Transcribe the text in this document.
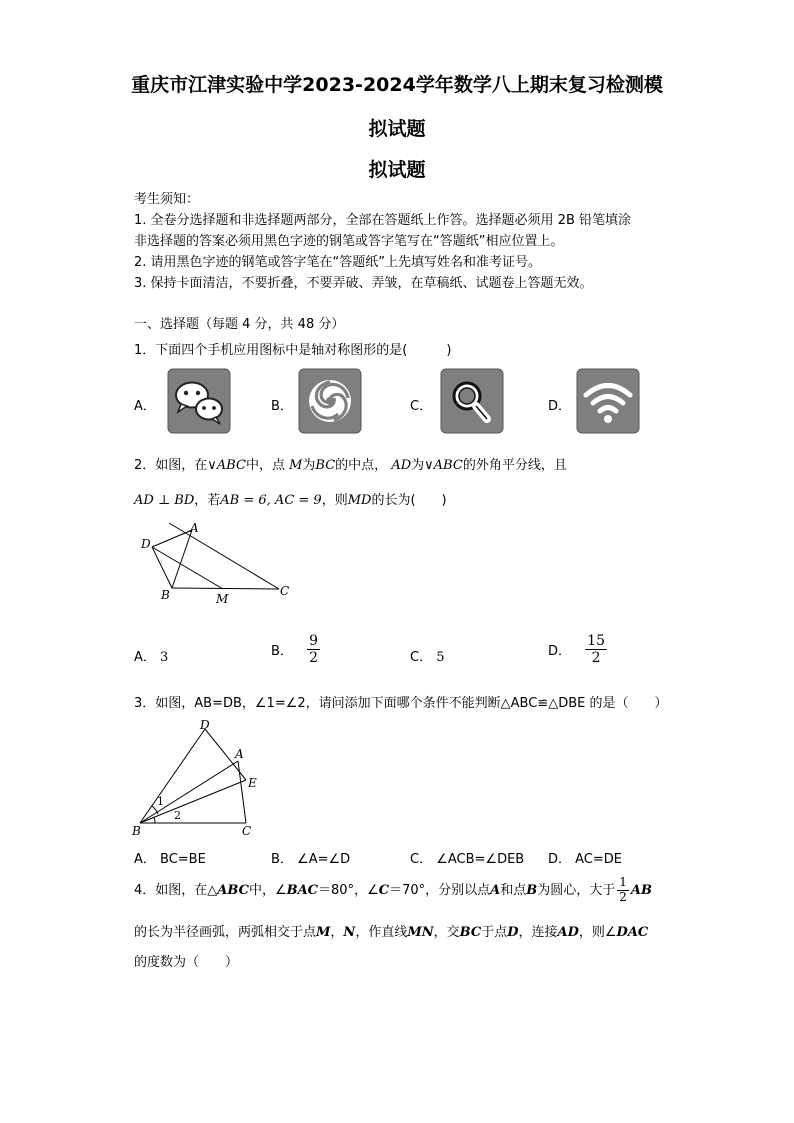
重庆市江津实验中学2023-2024学年数学八上期末复习检测模
拟试题
拟试题
考生须知：
1. 全卷分选择题和非选择题两部分，全部在答题纸上作答。选择题必须用 2B 铅笔填涂
非选择题的答案必须用黑色字迹的钢笔或答字笔写在“答题纸”相应位置上。
2. 请用黑色字迹的钢笔或答字笔在“答题纸”上先填写姓名和准考证号。
3. 保持卡面清洁，不要折叠，不要弄破、弄皱，在草稿纸、试题卷上答题无效。
一、选择题（每题 4 分，共 48 分）
1．下面四个手机应用图标中是轴对称图形的是(　　　)
A．	B．	C．	D．
2．如图，在∨ABC中，点 M为BC的中点， AD为∨ABC的外角平分线，且
AD ⊥ BD，若AB = 6, AC = 9，则MD的长为(　　)
A
D
B	M
C
A． 3	B． $\frac{9}{2}$	C． 5	D． $\frac{15}{2}$
3．如图，AB=DB，∠1=∠2，请问添加下面哪个条件不能判断△ABC≌△DBE 的是（　　）
D
A
E
B	C
1
2
A． BC=BE	B． ∠A=∠D	C． ∠ACB=∠DEB D． AC=DE
4．如图，在△ABC中，∠BAC＝80°，∠C＝70°，分别以点A和点B为圆心，大于 $\frac{1}{2}$ AB
的长为半径画弧，两弧相交于点M，N，作直线MN，交BC于点D，连接AD，则∠DAC
的度数为（　　）
